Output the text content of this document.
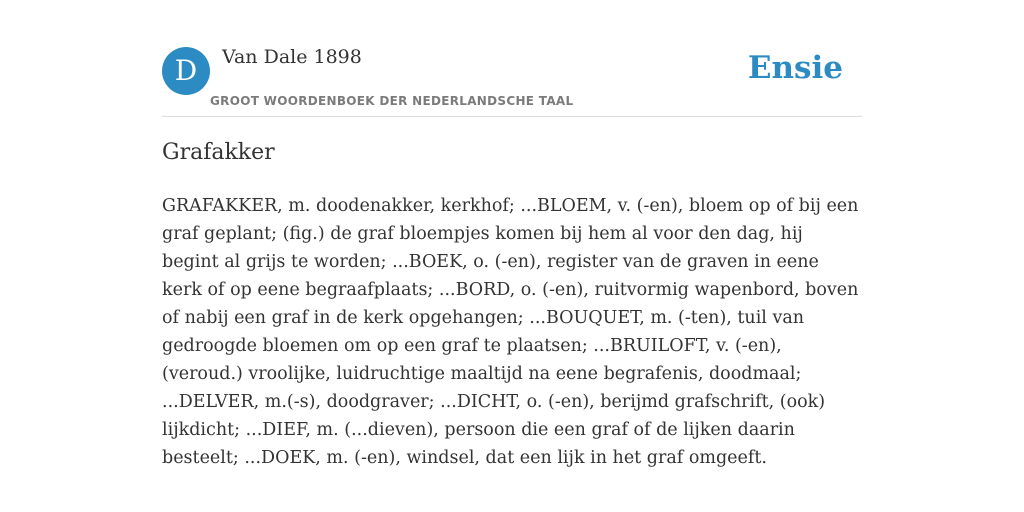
D	Van Dale 1898
GROOT WOORDENBOEK DER NEDERLANDSCHE TAAL
Ensie
Grafakker

GRAFAKKER, m. doodenakker, kerkhof; ...BLOEM, v. (-en), bloem op of bij een graf geplant; (fig.) de graf bloempjes komen bij hem al voor den dag, hij begint al grijs te worden; ...BOEK, o. (-en), register van de graven in eene kerk of op eene begraafplaats; ...BORD, o. (-en), ruitvormig wapenbord, boven of nabij een graf in de kerk opgehangen; ...BOUQUET, m. (-ten), tuil van gedroogde bloemen om op een graf te plaatsen; ...BRUILOFT, v. (-en), (veroud.) vroolijke, luidruchtige maaltijd na eene begrafenis, doodmaal; ...DELVER, m.(-s), doodgraver; ...DICHT, o. (-en), berijmd grafschrift, (ook) lijkdicht; ...DIEF, m. (...dieven), persoon die een graf of de lijken daarin besteelt; ...DOEK, m. (-en), windsel, dat een lijk in het graf omgeeft.
